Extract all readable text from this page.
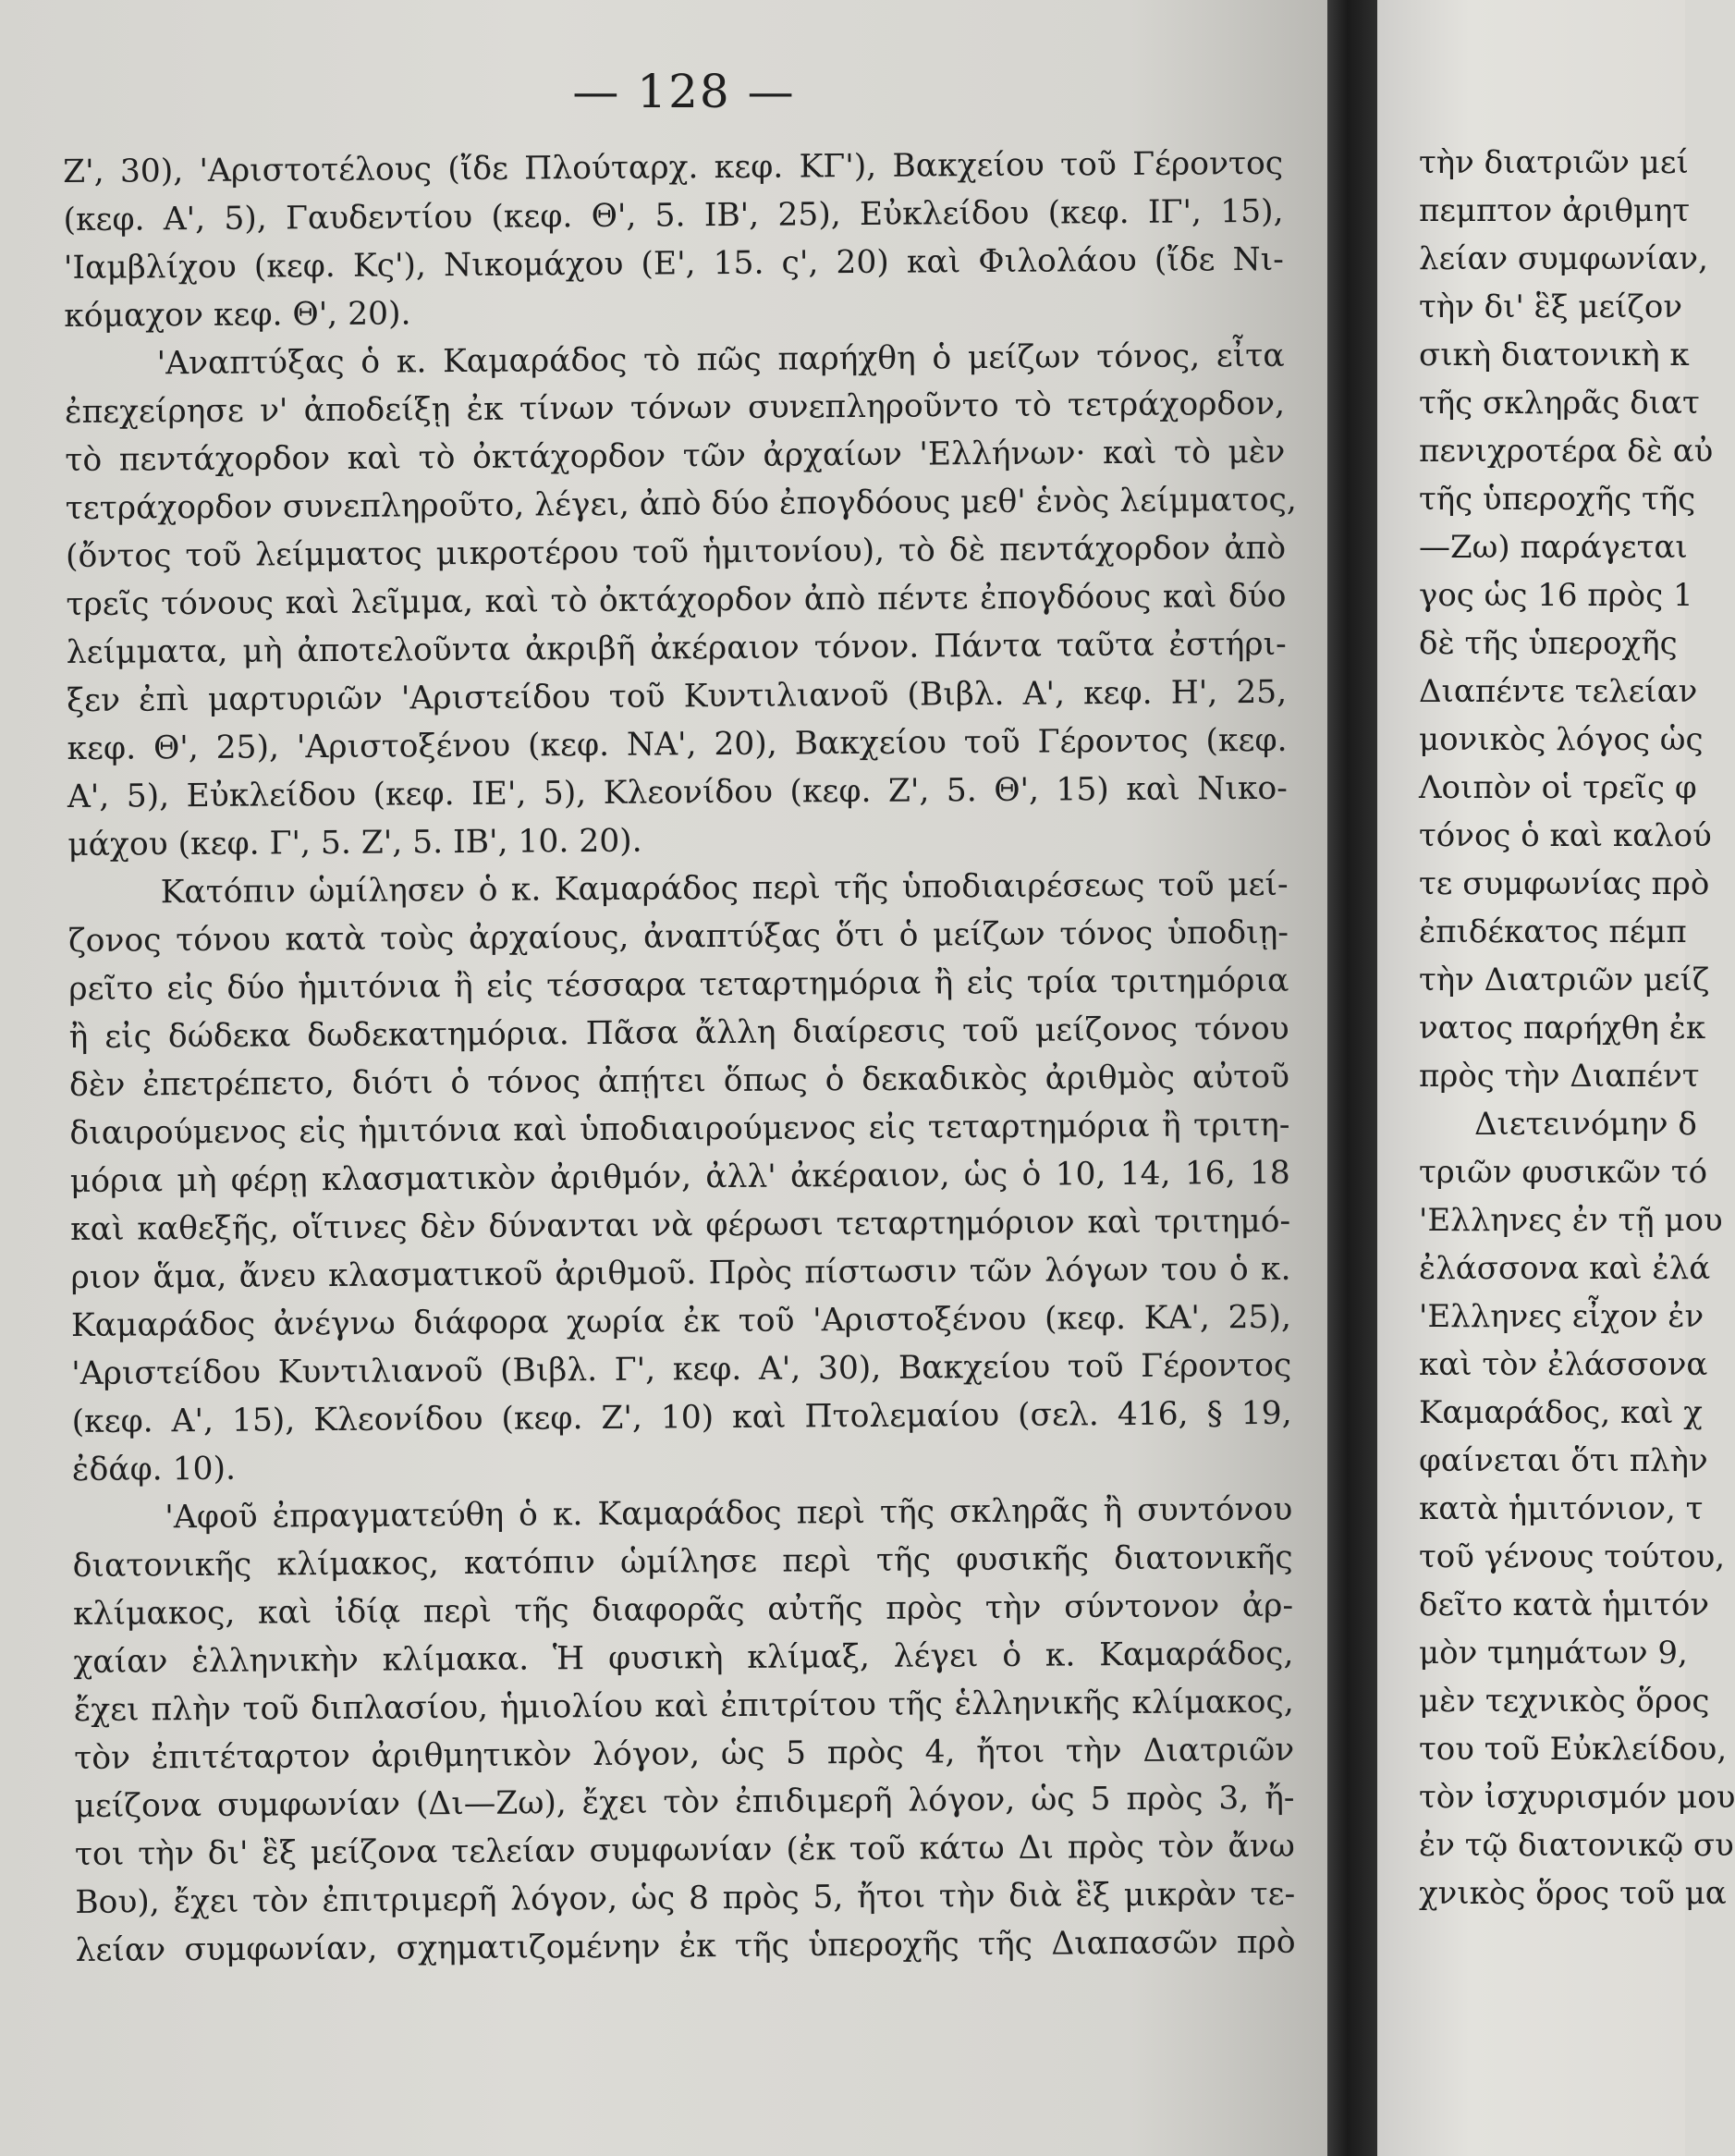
— 128 —
Ζ', 30), 'Αριστοτέλους (ἴδε Πλούταρχ. κεφ. ΚΓ'), Βακχείου τοῦ Γέροντος
(κεφ. Α', 5), Γαυδεντίου (κεφ. Θ', 5. ΙΒ', 25), Εὐκλείδου (κεφ. ΙΓ', 15),
'Ιαμβλίχου (κεφ. Κς'), Νικομάχου (Ε', 15. ς', 20) καὶ Φιλολάου (ἴδε Νι-
κόμαχον κεφ. Θ', 20).
'Αναπτύξας ὁ κ. Καμαράδος τὸ πῶς παρήχθη ὁ μείζων τόνος, εἶτα
ἐπεχείρησε ν' ἀποδείξῃ ἐκ τίνων τόνων συνεπληροῦντο τὸ τετράχορδον,
τὸ πεντάχορδον καὶ τὸ ὀκτάχορδον τῶν ἀρχαίων 'Ελλήνων· καὶ τὸ μὲν
τετράχορδον συνεπληροῦτο, λέγει, ἀπὸ δύο ἐπογδόους μεθ' ἑνὸς λείμματος,
(ὄντος τοῦ λείμματος μικροτέρου τοῦ ἡμιτονίου), τὸ δὲ πεντάχορδον ἀπὸ
τρεῖς τόνους καὶ λεῖμμα, καὶ τὸ ὀκτάχορδον ἀπὸ πέντε ἐπογδόους καὶ δύο
λείμματα, μὴ ἀποτελοῦντα ἀκριβῆ ἀκέραιον τόνον. Πάντα ταῦτα ἐστήρι-
ξεν ἐπὶ μαρτυριῶν 'Αριστείδου τοῦ Κυντιλιανοῦ (Βιβλ. Α', κεφ. Η', 25,
κεφ. Θ', 25), 'Αριστοξένου (κεφ. ΝΑ', 20), Βακχείου τοῦ Γέροντος (κεφ.
Α', 5), Εὐκλείδου (κεφ. ΙΕ', 5), Κλεονίδου (κεφ. Ζ', 5. Θ', 15) καὶ Νικο-
μάχου (κεφ. Γ', 5. Ζ', 5. ΙΒ', 10. 20).
Κατόπιν ὡμίλησεν ὁ κ. Καμαράδος περὶ τῆς ὑποδιαιρέσεως τοῦ μεί-
ζονος τόνου κατὰ τοὺς ἀρχαίους, ἀναπτύξας ὅτι ὁ μείζων τόνος ὑποδιῃ-
ρεῖτο εἰς δύο ἡμιτόνια ἢ εἰς τέσσαρα τεταρτημόρια ἢ εἰς τρία τριτημόρια
ἢ εἰς δώδεκα δωδεκατημόρια. Πᾶσα ἄλλη διαίρεσις τοῦ μείζονος τόνου
δὲν ἐπετρέπετο, διότι ὁ τόνος ἀπῄτει ὅπως ὁ δεκαδικὸς ἀριθμὸς αὐτοῦ
διαιρούμενος εἰς ἡμιτόνια καὶ ὑποδιαιρούμενος εἰς τεταρτημόρια ἢ τριτη-
μόρια μὴ φέρῃ κλασματικὸν ἀριθμόν, ἀλλ' ἀκέραιον, ὡς ὁ 10, 14, 16, 18
καὶ καθεξῆς, οἵτινες δὲν δύνανται νὰ φέρωσι τεταρτημόριον καὶ τριτημό-
ριον ἅμα, ἄνευ κλασματικοῦ ἀριθμοῦ. Πρὸς πίστωσιν τῶν λόγων του ὁ κ.
Καμαράδος ἀνέγνω διάφορα χωρία ἐκ τοῦ 'Αριστοξένου (κεφ. ΚΑ', 25),
'Αριστείδου Κυντιλιανοῦ (Βιβλ. Γ', κεφ. Α', 30), Βακχείου τοῦ Γέροντος
(κεφ. Α', 15), Κλεονίδου (κεφ. Ζ', 10) καὶ Πτολεμαίου (σελ. 416, § 19,
ἐδάφ. 10).
'Αφοῦ ἐπραγματεύθη ὁ κ. Καμαράδος περὶ τῆς σκληρᾶς ἢ συντόνου
διατονικῆς κλίμακος, κατόπιν ὡμίλησε περὶ τῆς φυσικῆς διατονικῆς
κλίμακος, καὶ ἰδίᾳ περὶ τῆς διαφορᾶς αὐτῆς πρὸς τὴν σύντονον ἀρ-
χαίαν ἑλληνικὴν κλίμακα. Ἡ φυσικὴ κλίμαξ, λέγει ὁ κ. Καμαράδος,
ἔχει πλὴν τοῦ διπλασίου, ἡμιολίου καὶ ἐπιτρίτου τῆς ἑλληνικῆς κλίμακος,
τὸν ἐπιτέταρτον ἀριθμητικὸν λόγον, ὡς 5 πρὸς 4, ἤτοι τὴν Διατριῶν
μείζονα συμφωνίαν (Δι—Ζω), ἔχει τὸν ἐπιδιμερῆ λόγον, ὡς 5 πρὸς 3, ἤ-
τοι τὴν δι' ἓξ μείζονα τελείαν συμφωνίαν (ἐκ τοῦ κάτω Δι πρὸς τὸν ἄνω
Βου), ἔχει τὸν ἐπιτριμερῆ λόγον, ὡς 8 πρὸς 5, ἤτοι τὴν διὰ ἓξ μικρὰν τε-
λείαν συμφωνίαν, σχηματιζομένην ἐκ τῆς ὑπεροχῆς τῆς Διαπασῶν πρὸ
τὴν διατριῶν μεί
πεμπτον ἀριθμητ
λείαν συμφωνίαν,
τὴν δι' ἓξ μείζον
σικὴ διατονικὴ κ
τῆς σκληρᾶς διατ
πενιχροτέρα δὲ αὐ
τῆς ὑπεροχῆς τῆς
—Ζω) παράγεται
γος ὡς 16 πρὸς 1
δὲ τῆς ὑπεροχῆς
Διαπέντε τελείαν
μονικὸς λόγος ὡς
Λοιπὸν οἱ τρεῖς φ
τόνος ὁ καὶ καλού
τε συμφωνίας πρὸ
ἐπιδέκατος πέμπ
τὴν Διατριῶν μείζ
νατος παρήχθη ἐκ
πρὸς τὴν Διαπέντ
Διετεινόμην δ
τριῶν φυσικῶν τό
'Ελληνες ἐν τῇ μου
ἐλάσσονα καὶ ἐλά
'Ελληνες εἶχον ἐν
καὶ τὸν ἐλάσσονα
Καμαράδος, καὶ χ
φαίνεται ὅτι πλὴν
κατὰ ἡμιτόνιον, τ
τοῦ γένους τούτου,
δεῖτο κατὰ ἡμιτόν
μὸν τμημάτων 9,
μὲν τεχνικὸς ὅρος
του τοῦ Εὐκλείδου,
τὸν ἰσχυρισμόν μου
ἐν τῷ διατονικῷ συ
χνικὸς ὅρος τοῦ μα
